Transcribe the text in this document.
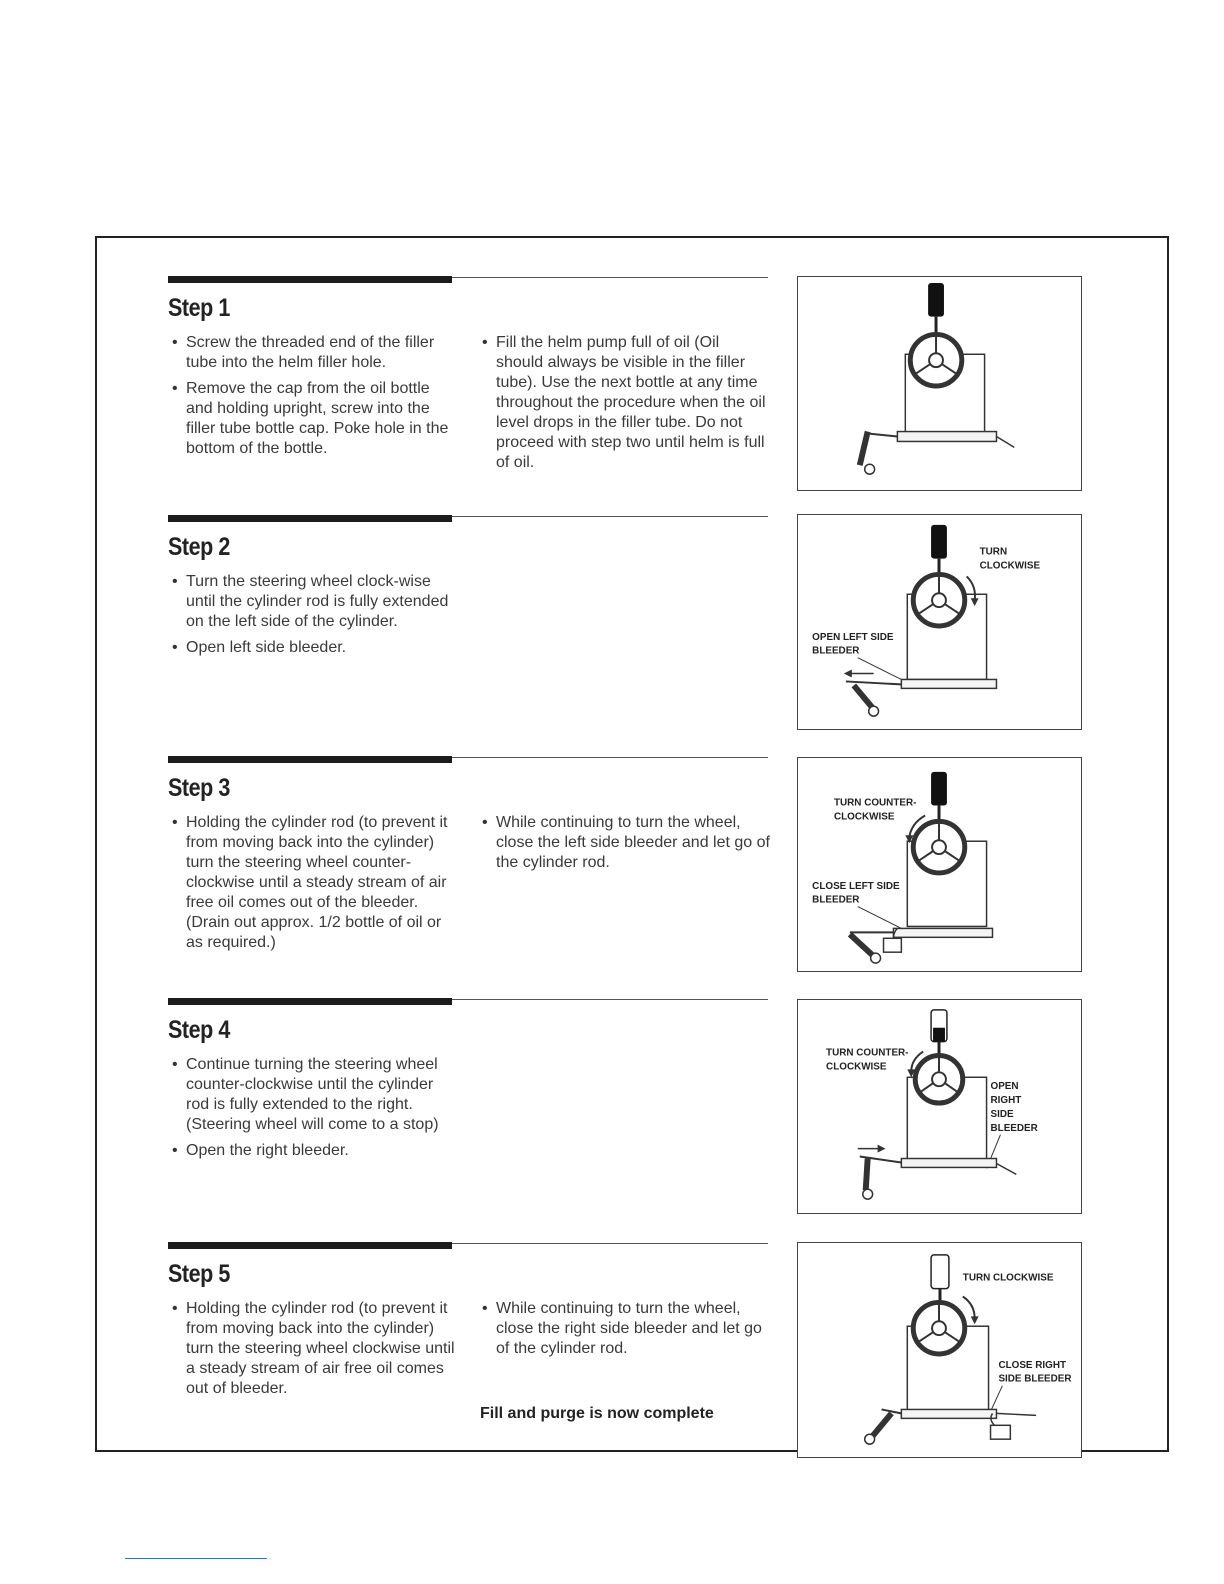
Step 1
• Screw the threaded end of the filler tube into the helm filler hole.
• Remove the cap from the oil bottle and holding upright, screw into the filler tube bottle cap. Poke hole in the bottom of the bottle.
• Fill the helm pump full of oil (Oil should always be visible in the filler tube). Use the next bottle at any time throughout the procedure when the oil level drops in the filler tube. Do not proceed with step two until helm is full of oil.
Step 2
• Turn the steering wheel clock-wise until the cylinder rod is fully extended on the left side of the cylinder.
• Open left side bleeder.
Step 3
• Holding the cylinder rod (to prevent it from moving back into the cylinder) turn the steering wheel counter-clockwise until a steady stream of air free oil comes out of the bleeder. (Drain out approx. 1/2 bottle of oil or as required.)
• While continuing to turn the wheel, close the left side bleeder and let go of the cylinder rod.
Step 4
• Continue turning the steering wheel counter-clockwise until the cylinder rod is fully extended to the right. (Steering wheel will come to a stop)
• Open the right bleeder.
Step 5
• Holding the cylinder rod (to prevent it from moving back into the cylinder) turn the steering wheel clockwise until a steady stream of air free oil comes out of bleeder.
• While continuing to turn the wheel, close the right side bleeder and let go of the cylinder rod.
Fill and purge is now complete
TURN
CLOCKWISE
OPEN LEFT SIDE
BLEEDER
TURN COUNTER-
CLOCKWISE
CLOSE LEFT SIDE
BLEEDER
TURN COUNTER-
CLOCKWISE
OPEN
RIGHT
SIDE
BLEEDER
TURN CLOCKWISE
CLOSE RIGHT
SIDE BLEEDER
